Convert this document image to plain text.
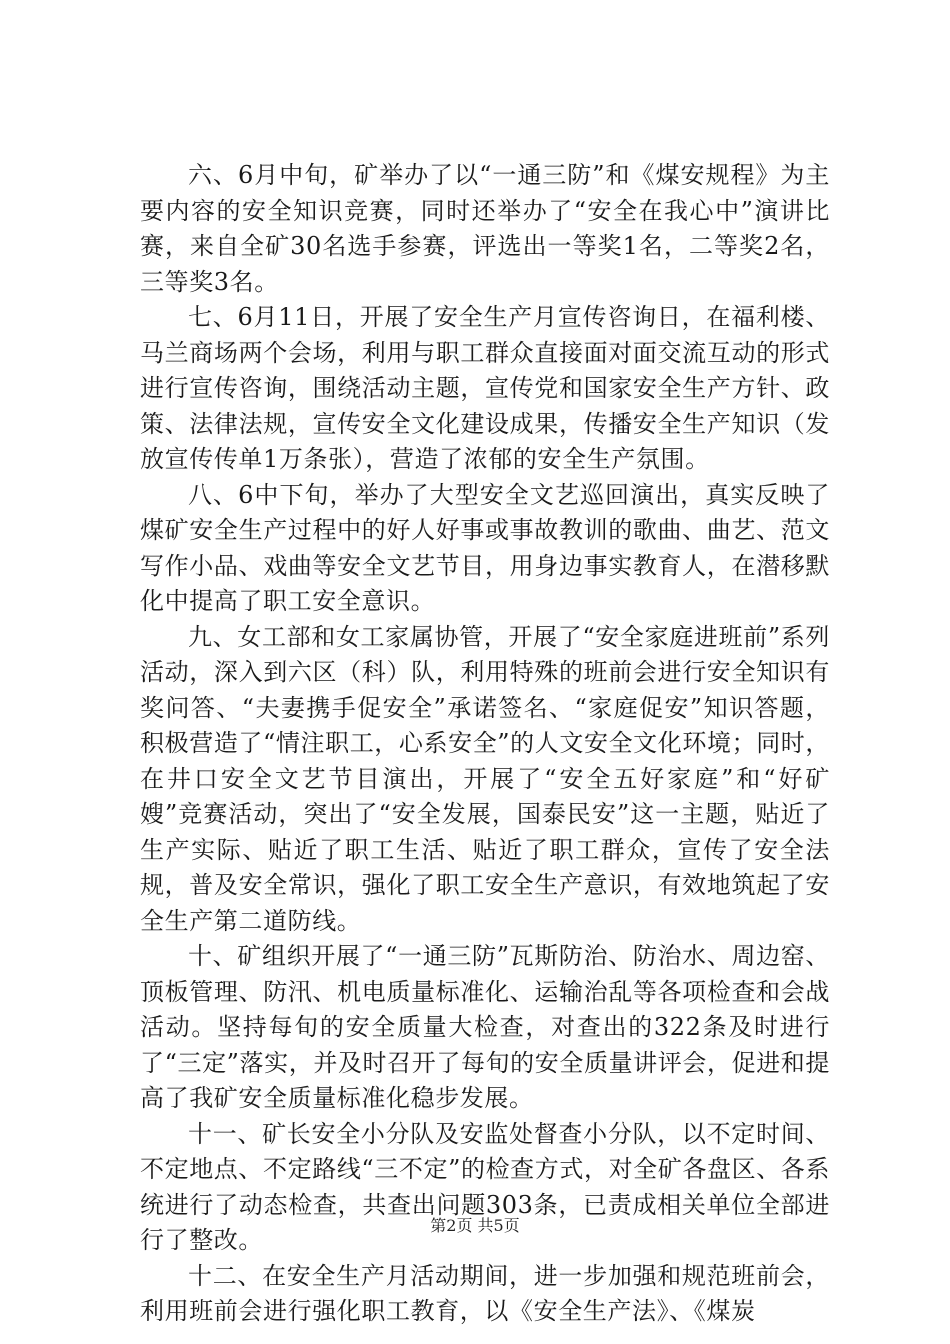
六、6月中旬，矿举办了以“一通三防”和《煤安规程》为主要内容的安全知识竞赛，同时还举办了“安全在我心中”演讲比赛，来自全矿30名选手参赛，评选出一等奖1名，二等奖2名，三等奖3名。

七、6月11日，开展了安全生产月宣传咨询日，在福利楼、马兰商场两个会场，利用与职工群众直接面对面交流互动的形式进行宣传咨询，围绕活动主题，宣传党和国家安全生产方针、政策、法律法规，宣传安全文化建设成果，传播安全生产知识（发放宣传传单1万条张），营造了浓郁的安全生产氛围。

八、6中下旬，举办了大型安全文艺巡回演出，真实反映了煤矿安全生产过程中的好人好事或事故教训的歌曲、曲艺、范文写作小品、戏曲等安全文艺节目，用身边事实教育人，在潜移默化中提高了职工安全意识。

九、女工部和女工家属协管，开展了“安全家庭进班前”系列活动，深入到六区（科）队，利用特殊的班前会进行安全知识有奖问答、“夫妻携手促安全”承诺签名、“家庭促安”知识答题，积极营造了“情注职工，心系安全”的人文安全文化环境；同时，在井口安全文艺节目演出，开展了“安全五好家庭”和“好矿嫂”竞赛活动，突出了“安全发展，国泰民安”这一主题，贴近了生产实际、贴近了职工生活、贴近了职工群众，宣传了安全法规，普及安全常识，强化了职工安全生产意识，有效地筑起了安全生产第二道防线。

十、矿组织开展了“一通三防”瓦斯防治、防治水、周边窑、顶板管理、防汛、机电质量标准化、运输治乱等各项检查和会战活动。坚持每旬的安全质量大检查，对查出的322条及时进行了“三定”落实，并及时召开了每旬的安全质量讲评会，促进和提高了我矿安全质量标准化稳步发展。

十一、矿长安全小分队及安监处督查小分队，以不定时间、不定地点、不定路线“三不定”的检查方式，对全矿各盘区、各系统进行了动态检查，共查出问题303条，已责成相关单位全部进行了整改。

十二、在安全生产月活动期间，进一步加强和规范班前会，利用班前会进行强化职工教育，以《安全生产法》、《煤炭

第2页 共5页
